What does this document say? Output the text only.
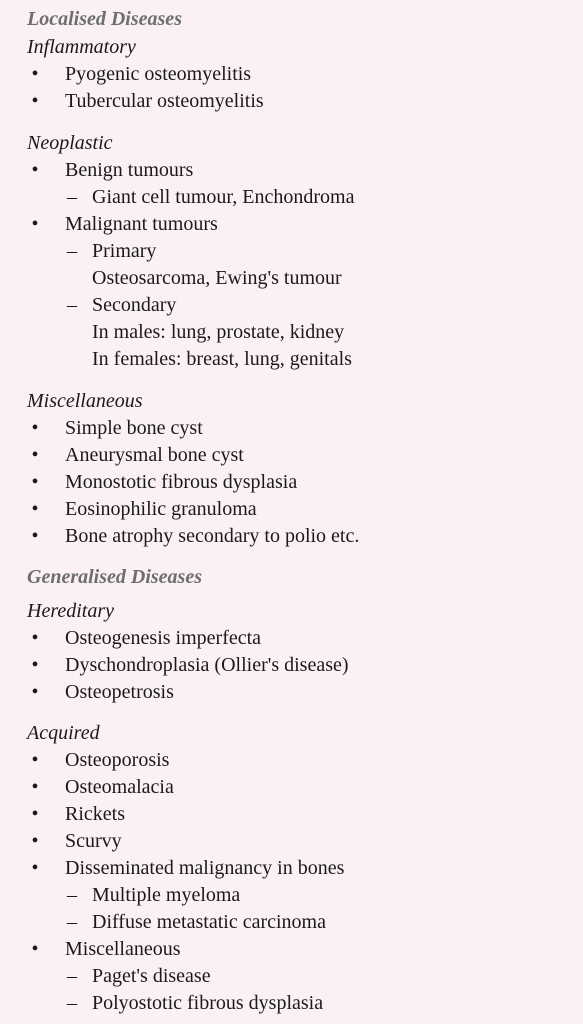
Localised Diseases
Inflammatory
• Pyogenic osteomyelitis
• Tubercular osteomyelitis
Neoplastic
• Benign tumours
– Giant cell tumour, Enchondroma
• Malignant tumours
– Primary
Osteosarcoma, Ewing's tumour
– Secondary
In males: lung, prostate, kidney
In females: breast, lung, genitals
Miscellaneous
• Simple bone cyst
• Aneurysmal bone cyst
• Monostotic fibrous dysplasia
• Eosinophilic granuloma
• Bone atrophy secondary to polio etc.
Generalised Diseases
Hereditary
• Osteogenesis imperfecta
• Dyschondroplasia (Ollier's disease)
• Osteopetrosis
Acquired
• Osteoporosis
• Osteomalacia
• Rickets
• Scurvy
• Disseminated malignancy in bones
– Multiple myeloma
– Diffuse metastatic carcinoma
• Miscellaneous
– Paget's disease
– Polyostotic fibrous dysplasia
